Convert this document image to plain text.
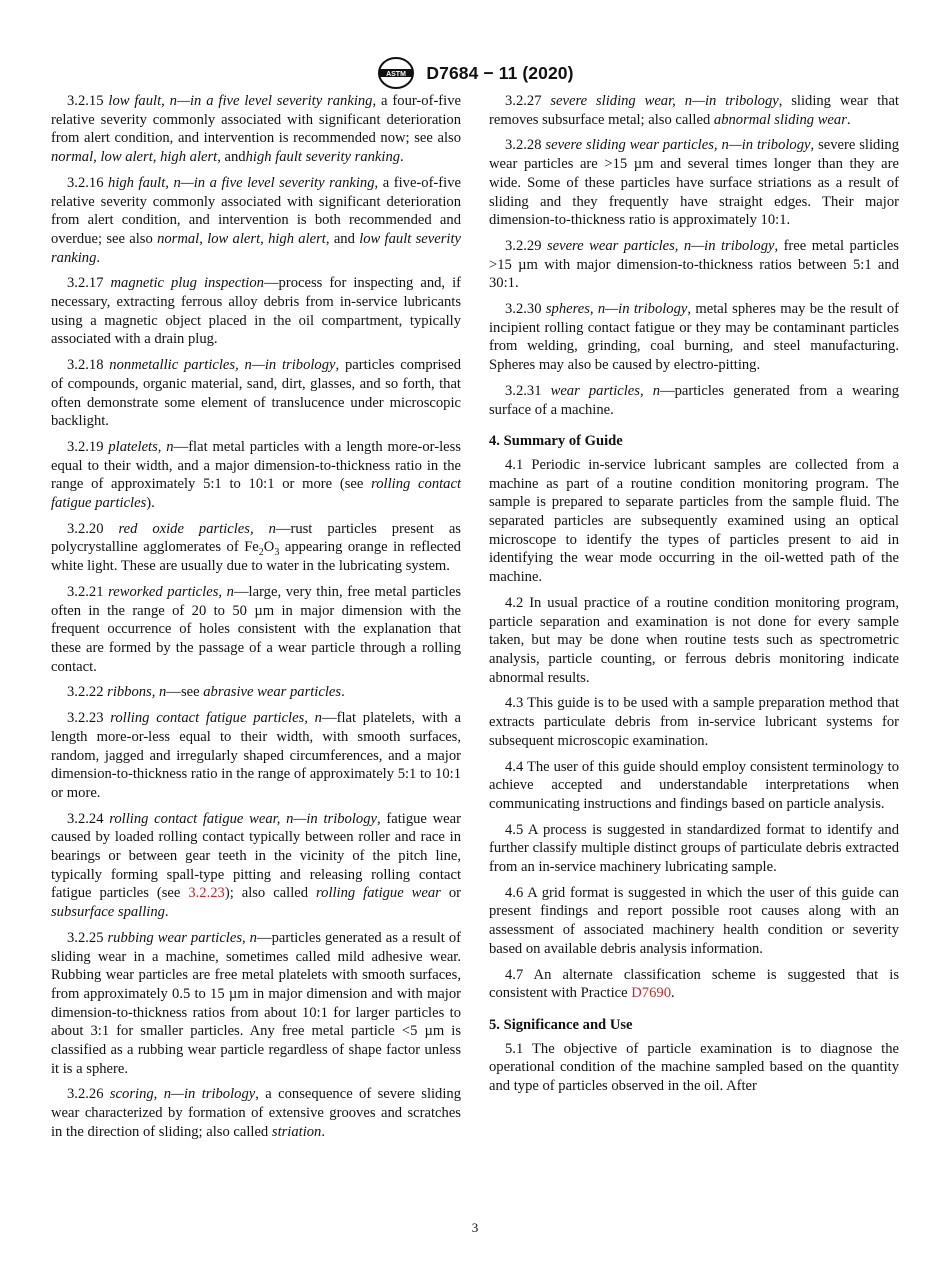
ASTM D7684 − 11 (2020)

3.2.15 low fault, n—in a five level severity ranking, a four-of-five relative severity commonly associated with significant deterioration from alert condition, and intervention is recommended now; see also normal, low alert, high alert, andhigh fault severity ranking.

3.2.16 high fault, n—in a five level severity ranking, a five-of-five relative severity commonly associated with significant deterioration from alert condition, and intervention is both recommended and overdue; see also normal, low alert, high alert, and low fault severity ranking.

3.2.17 magnetic plug inspection—process for inspecting and, if necessary, extracting ferrous alloy debris from in-service lubricants using a magnetic object placed in the oil compartment, typically associated with a drain plug.

3.2.18 nonmetallic particles, n—in tribology, particles comprised of compounds, organic material, sand, dirt, glasses, and so forth, that often demonstrate some element of translucence under microscopic backlight.

3.2.19 platelets, n—flat metal particles with a length more-or-less equal to their width, and a major dimension-to-thickness ratio in the range of approximately 5:1 to 10:1 or more (see rolling contact fatigue particles).

3.2.20 red oxide particles, n—rust particles present as polycrystalline agglomerates of $Fe_2O_3$ appearing orange in reflected white light. These are usually due to water in the lubricating system.

3.2.21 reworked particles, n—large, very thin, free metal particles often in the range of 20 to 50 µm in major dimension with the frequent occurrence of holes consistent with the explanation that these are formed by the passage of a wear particle through a rolling contact.

3.2.22 ribbons, n—see abrasive wear particles.

3.2.23 rolling contact fatigue particles, n—flat platelets, with a length more-or-less equal to their width, with smooth surfaces, random, jagged and irregularly shaped circumferences, and a major dimension-to-thickness ratio in the range of approximately 5:1 to 10:1 or more.

3.2.24 rolling contact fatigue wear, n—in tribology, fatigue wear caused by loaded rolling contact typically between roller and race in bearings or between gear teeth in the vicinity of the pitch line, typically forming spall-type pitting and releasing rolling contact fatigue particles (see 3.2.23); also called rolling fatigue wear or subsurface spalling.

3.2.25 rubbing wear particles, n—particles generated as a result of sliding wear in a machine, sometimes called mild adhesive wear. Rubbing wear particles are free metal platelets with smooth surfaces, from approximately 0.5 to 15 µm in major dimension and with major dimension-to-thickness ratios from about 10:1 for larger particles to about 3:1 for smaller particles. Any free metal particle <5 µm is classified as a rubbing wear particle regardless of shape factor unless it is a sphere.

3.2.26 scoring, n—in tribology, a consequence of severe sliding wear characterized by formation of extensive grooves and scratches in the direction of sliding; also called striation.

3.2.27 severe sliding wear, n—in tribology, sliding wear that removes subsurface metal; also called abnormal sliding wear.

3.2.28 severe sliding wear particles, n—in tribology, severe sliding wear particles are >15 µm and several times longer than they are wide. Some of these particles have surface striations as a result of sliding and they frequently have straight edges. Their major dimension-to-thickness ratio is approximately 10:1.

3.2.29 severe wear particles, n—in tribology, free metal particles >15 µm with major dimension-to-thickness ratios between 5:1 and 30:1.

3.2.30 spheres, n—in tribology, metal spheres may be the result of incipient rolling contact fatigue or they may be contaminant particles from welding, grinding, coal burning, and steel manufacturing. Spheres may also be caused by electro-pitting.

3.2.31 wear particles, n—particles generated from a wearing surface of a machine.

4. Summary of Guide

4.1 Periodic in-service lubricant samples are collected from a machine as part of a routine condition monitoring program. The sample is prepared to separate particles from the sample fluid. The separated particles are subsequently examined using an optical microscope to identify the types of particles present to aid in identifying the wear mode occurring in the oil-wetted path of the machine.

4.2 In usual practice of a routine condition monitoring program, particle separation and examination is not done for every sample taken, but may be done when routine tests such as spectrometric analysis, particle counting, or ferrous debris monitoring indicate abnormal results.

4.3 This guide is to be used with a sample preparation method that extracts particulate debris from in-service lubricant systems for subsequent microscopic examination.

4.4 The user of this guide should employ consistent terminology to achieve accepted and understandable interpretations when communicating instructions and findings based on particle analysis.

4.5 A process is suggested in standardized format to identify and further classify multiple distinct groups of particulate debris extracted from an in-service machinery lubricating sample.

4.6 A grid format is suggested in which the user of this guide can present findings and report possible root causes along with an assessment of associated machinery health condition or severity based on available debris analysis information.

4.7 An alternate classification scheme is suggested that is consistent with Practice D7690.

5. Significance and Use

5.1 The objective of particle examination is to diagnose the operational condition of the machine sampled based on the quantity and type of particles observed in the oil. After

3
